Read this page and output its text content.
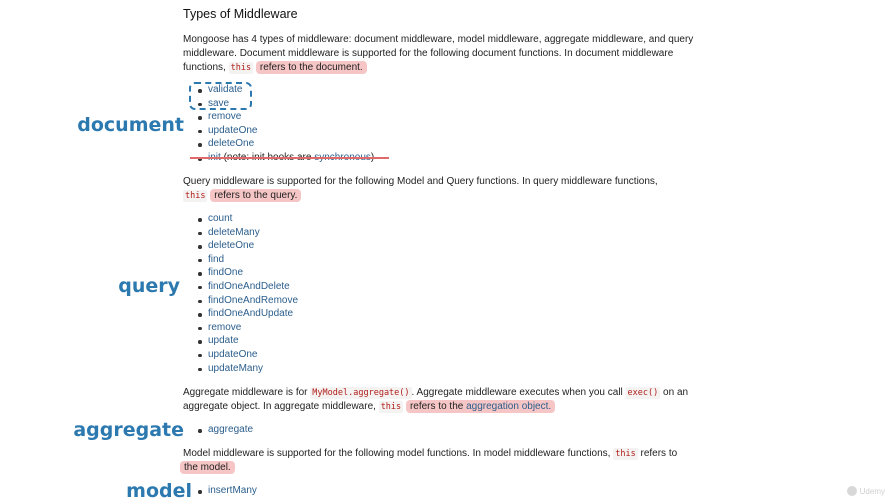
Types of Middleware

Mongoose has 4 types of middleware: document middleware, model middleware, aggregate middleware, and query middleware. Document middleware is supported for the following document functions. In document middleware functions, this refers to the document.

validate
save
remove
updateOne
deleteOne

Query middleware is supported for the following Model and Query functions. In query middleware functions,
this refers to the query.

count
deleteMany
deleteOne
find
findOne
findOneAndDelete
findOneAndRemove
findOneAndUpdate
remove
update
updateOne
updateMany

Aggregate middleware is for MyModel.aggregate() . Aggregate middleware executes when you call exec() on an aggregate object. In aggregate middleware, this refers to the aggregation object.

aggregate

Model middleware is supported for the following model functions. In model middleware functions, this refers to
the model.

insertMany
document
query
aggregate
model	Udemy
